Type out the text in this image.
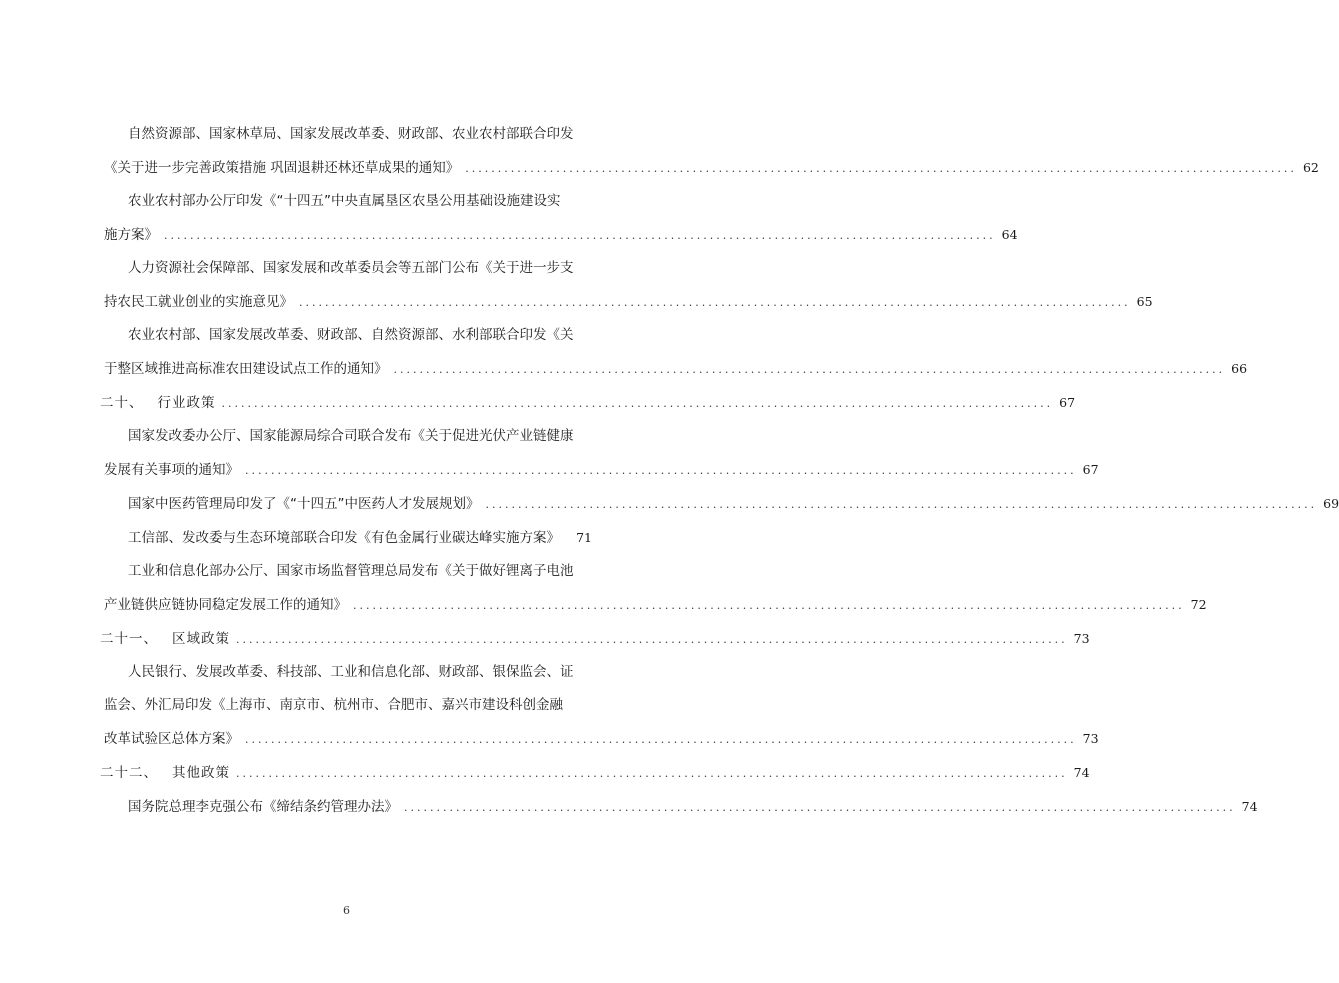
自然资源部、国家林草局、国家发展改革委、财政部、农业农村部联合印发
《关于进一步完善政策措施 巩固退耕还林还草成果的通知》 ................................................................................................................................ 62
农业农村部办公厅印发《“十四五”中央直属垦区农垦公用基础设施建设实
施方案》 ................................................................................................................................ 64
人力资源社会保障部、国家发展和改革委员会等五部门公布《关于进一步支
持农民工就业创业的实施意见》 ................................................................................................................................ 65
农业农村部、国家发展改革委、财政部、自然资源部、水利部联合印发《关
于整区域推进高标准农田建设试点工作的通知》 ................................................................................................................................ 66
二十、 行业政策 ................................................................................................................................ 67
国家发改委办公厅、国家能源局综合司联合发布《关于促进光伏产业链健康
发展有关事项的通知》 ................................................................................................................................ 67
国家中医药管理局印发了《“十四五”中医药人才发展规划》 ................................................................................................................................ 69
工信部、发改委与生态环境部联合印发《有色金属行业碳达峰实施方案》 71
工业和信息化部办公厅、国家市场监督管理总局发布《关于做好锂离子电池
产业链供应链协同稳定发展工作的通知》 ................................................................................................................................ 72
二十一、 区域政策 ................................................................................................................................ 73
人民银行、发展改革委、科技部、工业和信息化部、财政部、银保监会、证
监会、外汇局印发《上海市、南京市、杭州市、合肥市、嘉兴市建设科创金融
改革试验区总体方案》 ................................................................................................................................ 73
二十二、 其他政策 ................................................................................................................................ 74
国务院总理李克强公布《缔结条约管理办法》 ................................................................................................................................ 74
6
